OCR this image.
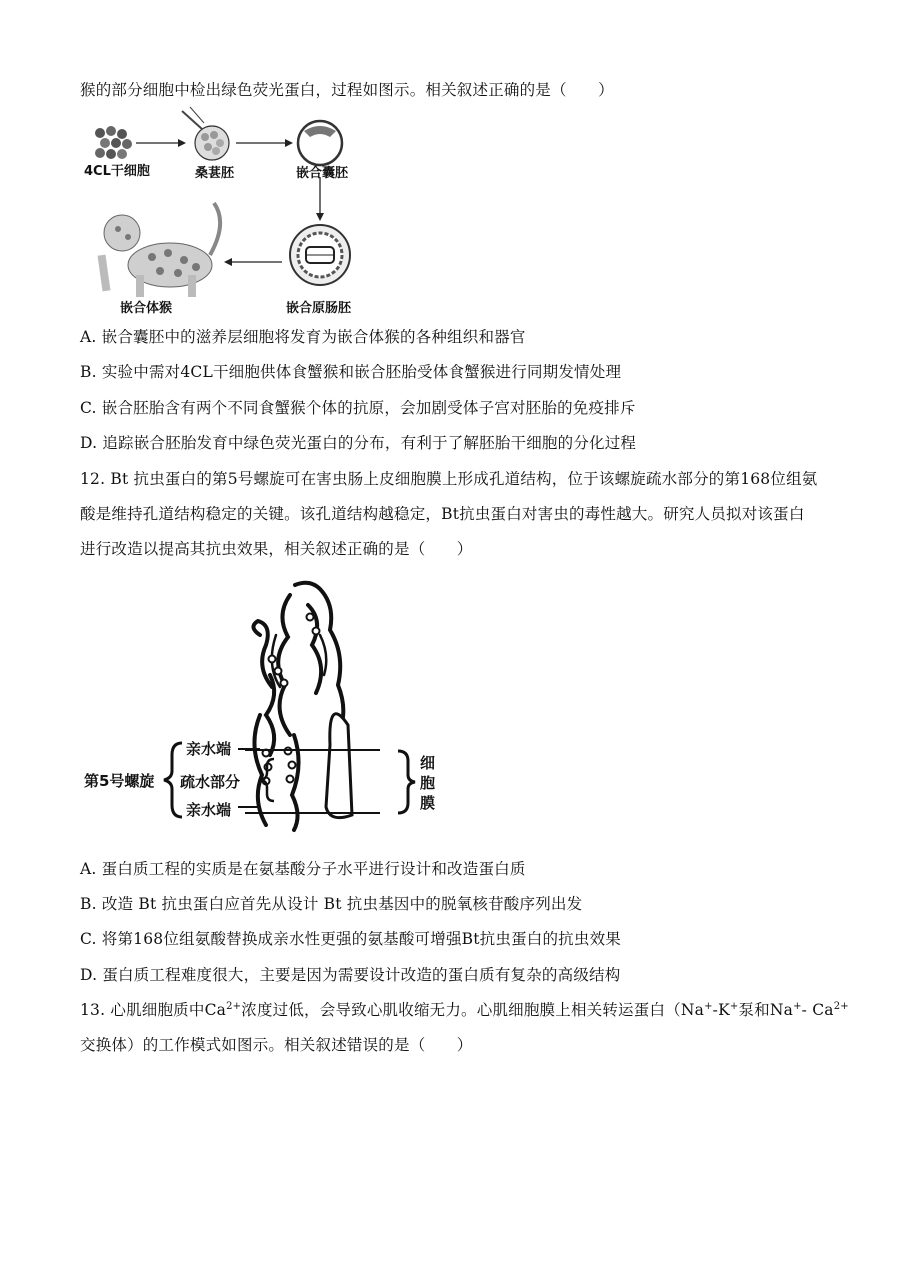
猴的部分细胞中检出绿色荧光蛋白，过程如图示。相关叙述正确的是（　　）
4CL干细胞	桑葚胚	嵌合囊胚
嵌合原肠胚
嵌合体猴
A. 嵌合囊胚中的滋养层细胞将发育为嵌合体猴的各种组织和器官
B. 实验中需对4CL干细胞供体食蟹猴和嵌合胚胎受体食蟹猴进行同期发情处理
C. 嵌合胚胎含有两个不同食蟹猴个体的抗原，会加剧受体子宫对胚胎的免疫排斥
D. 追踪嵌合胚胎发育中绿色荧光蛋白的分布，有利于了解胚胎干细胞的分化过程
12. Bt 抗虫蛋白的第5号螺旋可在害虫肠上皮细胞膜上形成孔道结构，位于该螺旋疏水部分的第168位组氨
酸是维持孔道结构稳定的关键。该孔道结构越稳定，Bt抗虫蛋白对害虫的毒性越大。研究人员拟对该蛋白
进行改造以提高其抗虫效果，相关叙述正确的是（　　）
第5号螺旋
亲水端
疏水部分
亲水端
细
胞
膜
A. 蛋白质工程的实质是在氨基酸分子水平进行设计和改造蛋白质
B. 改造 Bt 抗虫蛋白应首先从设计 Bt 抗虫基因中的脱氧核苷酸序列出发
C. 将第168位组氨酸替换成亲水性更强的氨基酸可增强Bt抗虫蛋白的抗虫效果
D. 蛋白质工程难度很大，主要是因为需要设计改造的蛋白质有复杂的高级结构
13. 心肌细胞质中$Ca^{2+}$浓度过低，会导致心肌收缩无力。心肌细胞膜上相关转运蛋白（Na+-K+泵和Na+- $Ca^{2+}$
交换体）的工作模式如图示。相关叙述错误的是（　　）
